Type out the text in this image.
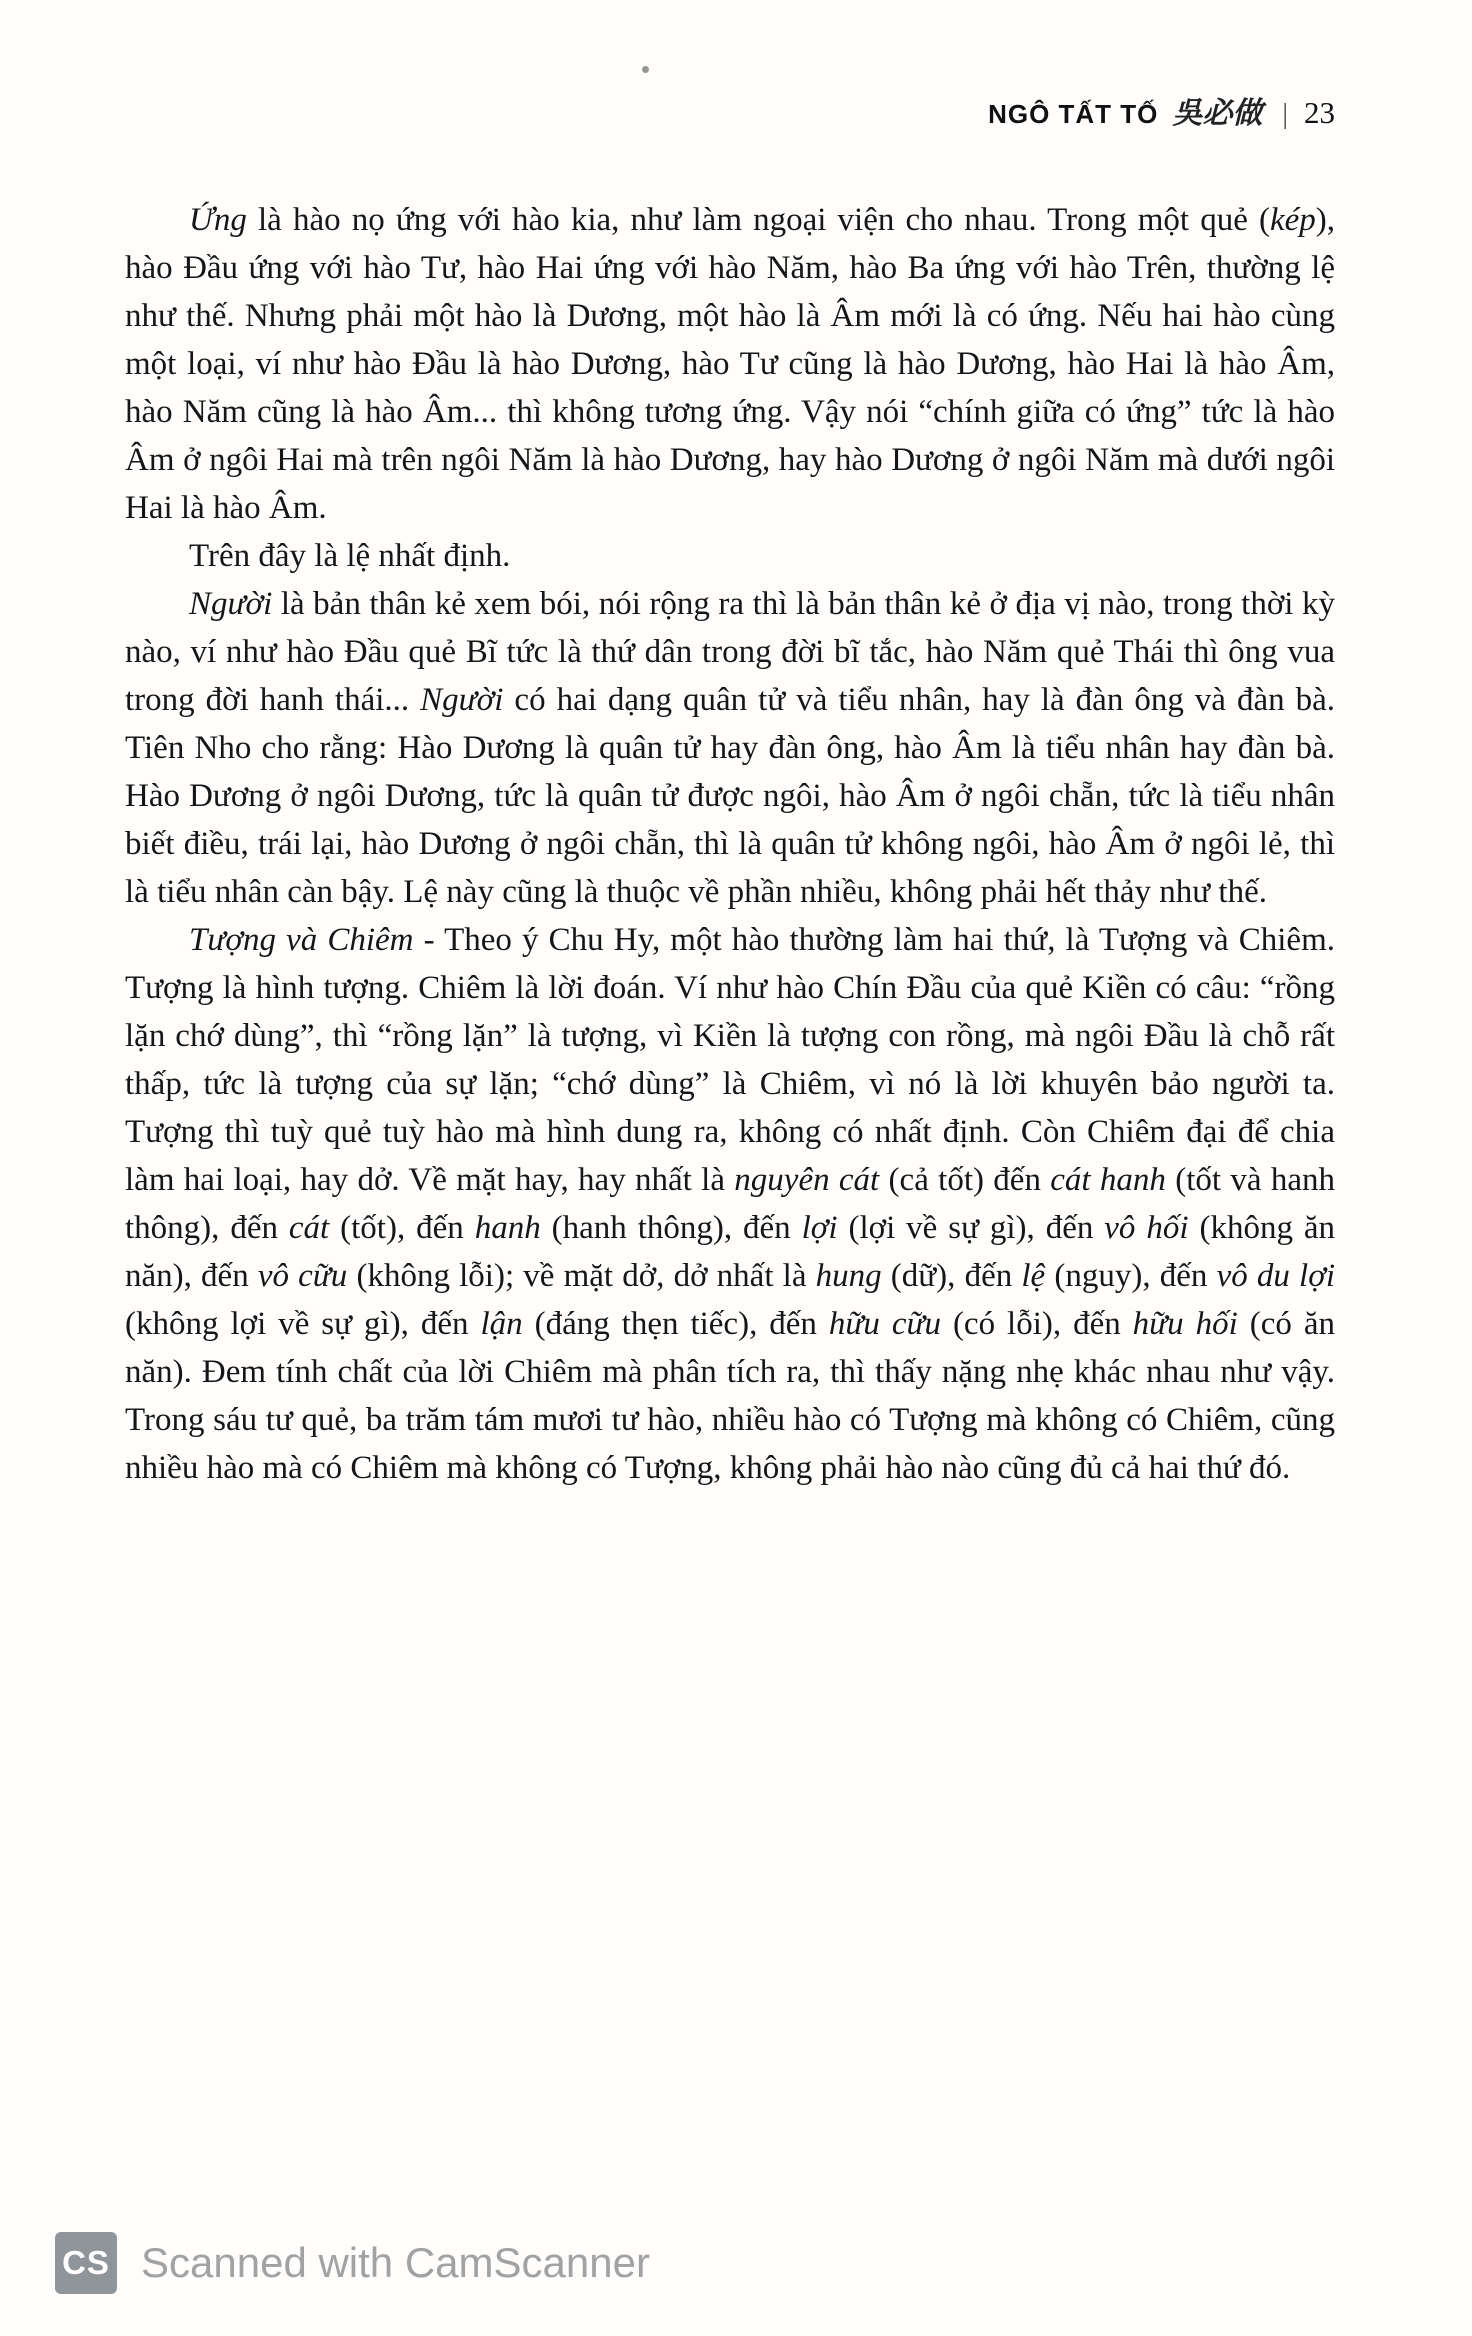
NGÔ TẤT TỐ 吳必做 | 23

Ứng là hào nọ ứng với hào kia, như làm ngoại viện cho nhau. Trong một quẻ (kép), hào Đầu ứng với hào Tư, hào Hai ứng với hào Năm, hào Ba ứng với hào Trên, thường lệ như thế. Nhưng phải một hào là Dương, một hào là Âm mới là có ứng. Nếu hai hào cùng một loại, ví như hào Đầu là hào Dương, hào Tư cũng là hào Dương, hào Hai là hào Âm, hào Năm cũng là hào Âm... thì không tương ứng. Vậy nói “chính giữa có ứng” tức là hào Âm ở ngôi Hai mà trên ngôi Năm là hào Dương, hay hào Dương ở ngôi Năm mà dưới ngôi Hai là hào Âm.

Trên đây là lệ nhất định.

Người là bản thân kẻ xem bói, nói rộng ra thì là bản thân kẻ ở địa vị nào, trong thời kỳ nào, ví như hào Đầu quẻ Bĩ tức là thứ dân trong đời bĩ tắc, hào Năm quẻ Thái thì ông vua trong đời hanh thái... Người có hai dạng quân tử và tiểu nhân, hay là đàn ông và đàn bà. Tiên Nho cho rằng: Hào Dương là quân tử hay đàn ông, hào Âm là tiểu nhân hay đàn bà. Hào Dương ở ngôi Dương, tức là quân tử được ngôi, hào Âm ở ngôi chẵn, tức là tiểu nhân biết điều, trái lại, hào Dương ở ngôi chẵn, thì là quân tử không ngôi, hào Âm ở ngôi lẻ, thì là tiểu nhân càn bậy. Lệ này cũng là thuộc về phần nhiều, không phải hết thảy như thế.

Tượng và Chiêm - Theo ý Chu Hy, một hào thường làm hai thứ, là Tượng và Chiêm. Tượng là hình tượng. Chiêm là lời đoán. Ví như hào Chín Đầu của quẻ Kiền có câu: “rồng lặn chớ dùng”, thì “rồng lặn” là tượng, vì Kiền là tượng con rồng, mà ngôi Đầu là chỗ rất thấp, tức là tượng của sự lặn; “chớ dùng” là Chiêm, vì nó là lời khuyên bảo người ta. Tượng thì tuỳ quẻ tuỳ hào mà hình dung ra, không có nhất định. Còn Chiêm đại để chia làm hai loại, hay dở. Về mặt hay, hay nhất là nguyên cát (cả tốt) đến cát hanh (tốt và hanh thông), đến cát (tốt), đến hanh (hanh thông), đến lợi (lợi về sự gì), đến vô hối (không ăn năn), đến vô cữu (không lỗi); về mặt dở, dở nhất là hung (dữ), đến lệ (nguy), đến vô du lợi (không lợi về sự gì), đến lận (đáng thẹn tiếc), đến hữu cữu (có lỗi), đến hữu hối (có ăn năn). Đem tính chất của lời Chiêm mà phân tích ra, thì thấy nặng nhẹ khác nhau như vậy. Trong sáu tư quẻ, ba trăm tám mươi tư hào, nhiều hào có Tượng mà không có Chiêm, cũng nhiều hào mà có Chiêm mà không có Tượng, không phải hào nào cũng đủ cả hai thứ đó.

CS Scanned with CamScanner
